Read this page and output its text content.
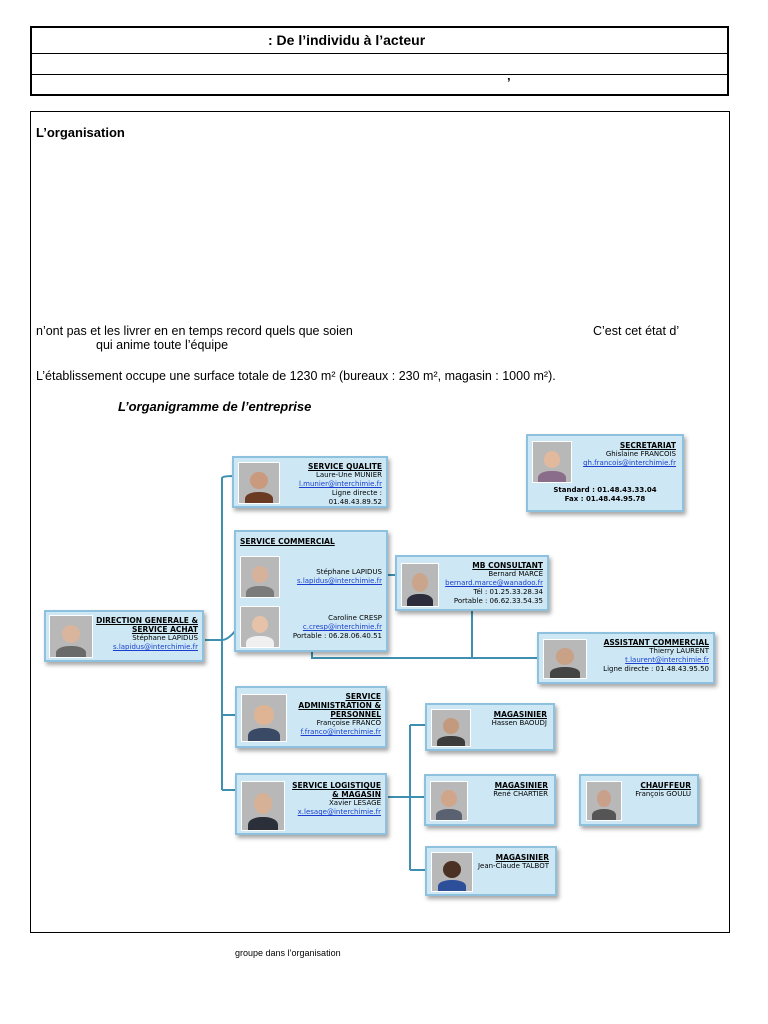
: De l’individu à l’acteur
’
L’organisation
n’ont pas et les livrer en en temps record quels que soien	C’est cet état d’
qui anime toute l’équipe
L’établissement occupe une surface totale de 1230 m² (bureaux : 230 m², magasin : 1000 m²).
L’organigramme de l’entreprise
DIRECTION GENERALE & SERVICE ACHAT
Stéphane LAPIDUS
s.lapidus@interchimie.fr
SERVICE QUALITE
Laure-Une MUNIER
l.munier@interchimie.fr
Ligne directe : 01.48.43.89.52
SECRETARIAT
Ghislaine FRANCOIS
gh.francois@interchimie.fr
Standard : 01.48.43.33.04
Fax : 01.48.44.95.78
SERVICE COMMERCIAL
Stéphane LAPIDUS
s.lapidus@interchimie.fr
Caroline CRESP
c.cresp@interchimie.fr
Portable : 06.28.06.40.51
MB CONSULTANT
Bernard MARCE
bernard.marce@wanadoo.fr
Tél : 01.25.33.28.34
Portable : 06.62.33.54.35
ASSISTANT COMMERCIAL
Thierry LAURENT
t.laurent@interchimie.fr
Ligne directe : 01.48.43.95.50
SERVICE ADMINISTRATION & PERSONNEL
Françoise FRANCO
f.franco@interchimie.fr
SERVICE LOGISTIQUE & MAGASIN
Xavier LESAGE
x.lesage@interchimie.fr
MAGASINIER
Hassen BAOUDJ
MAGASINIER
René CHARTIER
MAGASINIER
Jean-Claude TALBOT
CHAUFFEUR
François GOULU
groupe dans l’organisation
